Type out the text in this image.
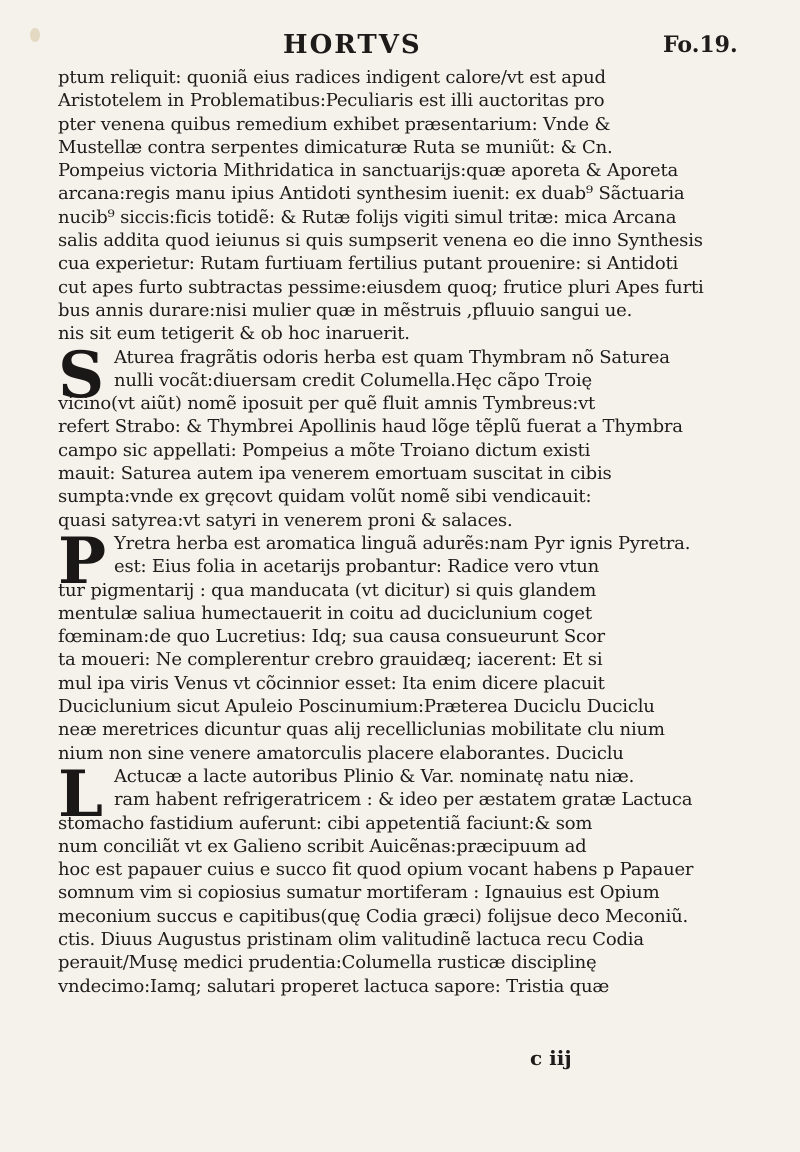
HORTVS	Fo.19.
ptum reliquit: quoniã eius radices indigent calore/vt est apud
Aristotelem in Problematibus:Peculiaris est illi auctoritas pro
pter venena quibus remedium exhibet præsentarium: Vnde &
Mustellæ contra serpentes dimicaturæ Ruta se muniũt: & Cn.
Pompeius victoria Mithridatica in sanctuarijs:quæ aporeta & Aporeta
arcana:regis manu ipius Antidoti synthesim iuenit: ex duab⁹ Sãctuaria
nucib⁹ siccis:ficis totidẽ: & Rutæ folijs vigiti simul tritæ: mica Arcana
salis addita quod ieiunus si quis sumpserit venena eo die inno Synthesis
cua experietur: Rutam furtiuam fertilius putant prouenire: si Antidoti
cut apes furto subtractas pessime:eiusdem quoq; frutice pluri Apes furti
bus annis durare:nisi mulier quæ in mẽstruis ,pfluuio sangui ue.
nis sit eum tetigerit & ob hoc inaruerit.
S Aturea fragrãtis odoris herba est quam Thymbram nõ Saturea
nulli vocãt:diuersam credit Columella.Hęc cãpo Troię
vicino(vt aiũt) nomẽ iposuit per quẽ fluit amnis Tymbreus:vt
refert Strabo: & Thymbrei Apollinis haud lõge tẽplũ fuerat a Thymbra
campo sic appellati: Pompeius a mõte Troiano dictum existi
mauit: Saturea autem ipa venerem emortuam suscitat in cibis
sumpta:vnde ex gręcovt quidam volũt nomẽ sibi vendicauit:
quasi satyrea:vt satyri in venerem proni & salaces.
P Yretra herba est aromatica linguã adurẽs:nam Pyr ignis Pyretra.
est: Eius folia in acetarijs probantur: Radice vero vtun
tur pigmentarij : qua manducata (vt dicitur) si quis glandem
mentulæ saliua humectauerit in coitu ad duciclunium coget
fœminam:de quo Lucretius: Idq; sua causa consueurunt Scor
ta moueri: Ne complerentur crebro grauidæq; iacerent: Et si
mul ipa viris Venus vt cõcinnior esset: Ita enim dicere placuit
Duciclunium sicut Apuleio Poscinumium:Præterea Duciclu Duciclu
neæ meretrices dicuntur quas alij recelliclunias mobilitate clu nium
nium non sine venere amatorculis placere elaborantes. Duciclu
L Actucæ a lacte autoribus Plinio & Var. nominatę natu niæ.
ram habent refrigeratricem : & ideo per æstatem gratæ Lactuca
stomacho fastidium auferunt: cibi appetentiã faciunt:& som
num conciliãt vt ex Galieno scribit Auicẽnas:præcipuum ad
hoc est papauer cuius e succo fit quod opium vocant habens p Papauer
somnum vim si copiosius sumatur mortiferam : Ignauius est Opium
meconium succus e capitibus(quę Codia græci) folijsue deco Meconiũ.
ctis. Diuus Augustus pristinam olim valitudinẽ lactuca recu Codia
perauit/Musę medici prudentia:Columella rusticæ disciplinę
vndecimo:Iamq; salutari properet lactuca sapore: Tristia quæ
c iij
